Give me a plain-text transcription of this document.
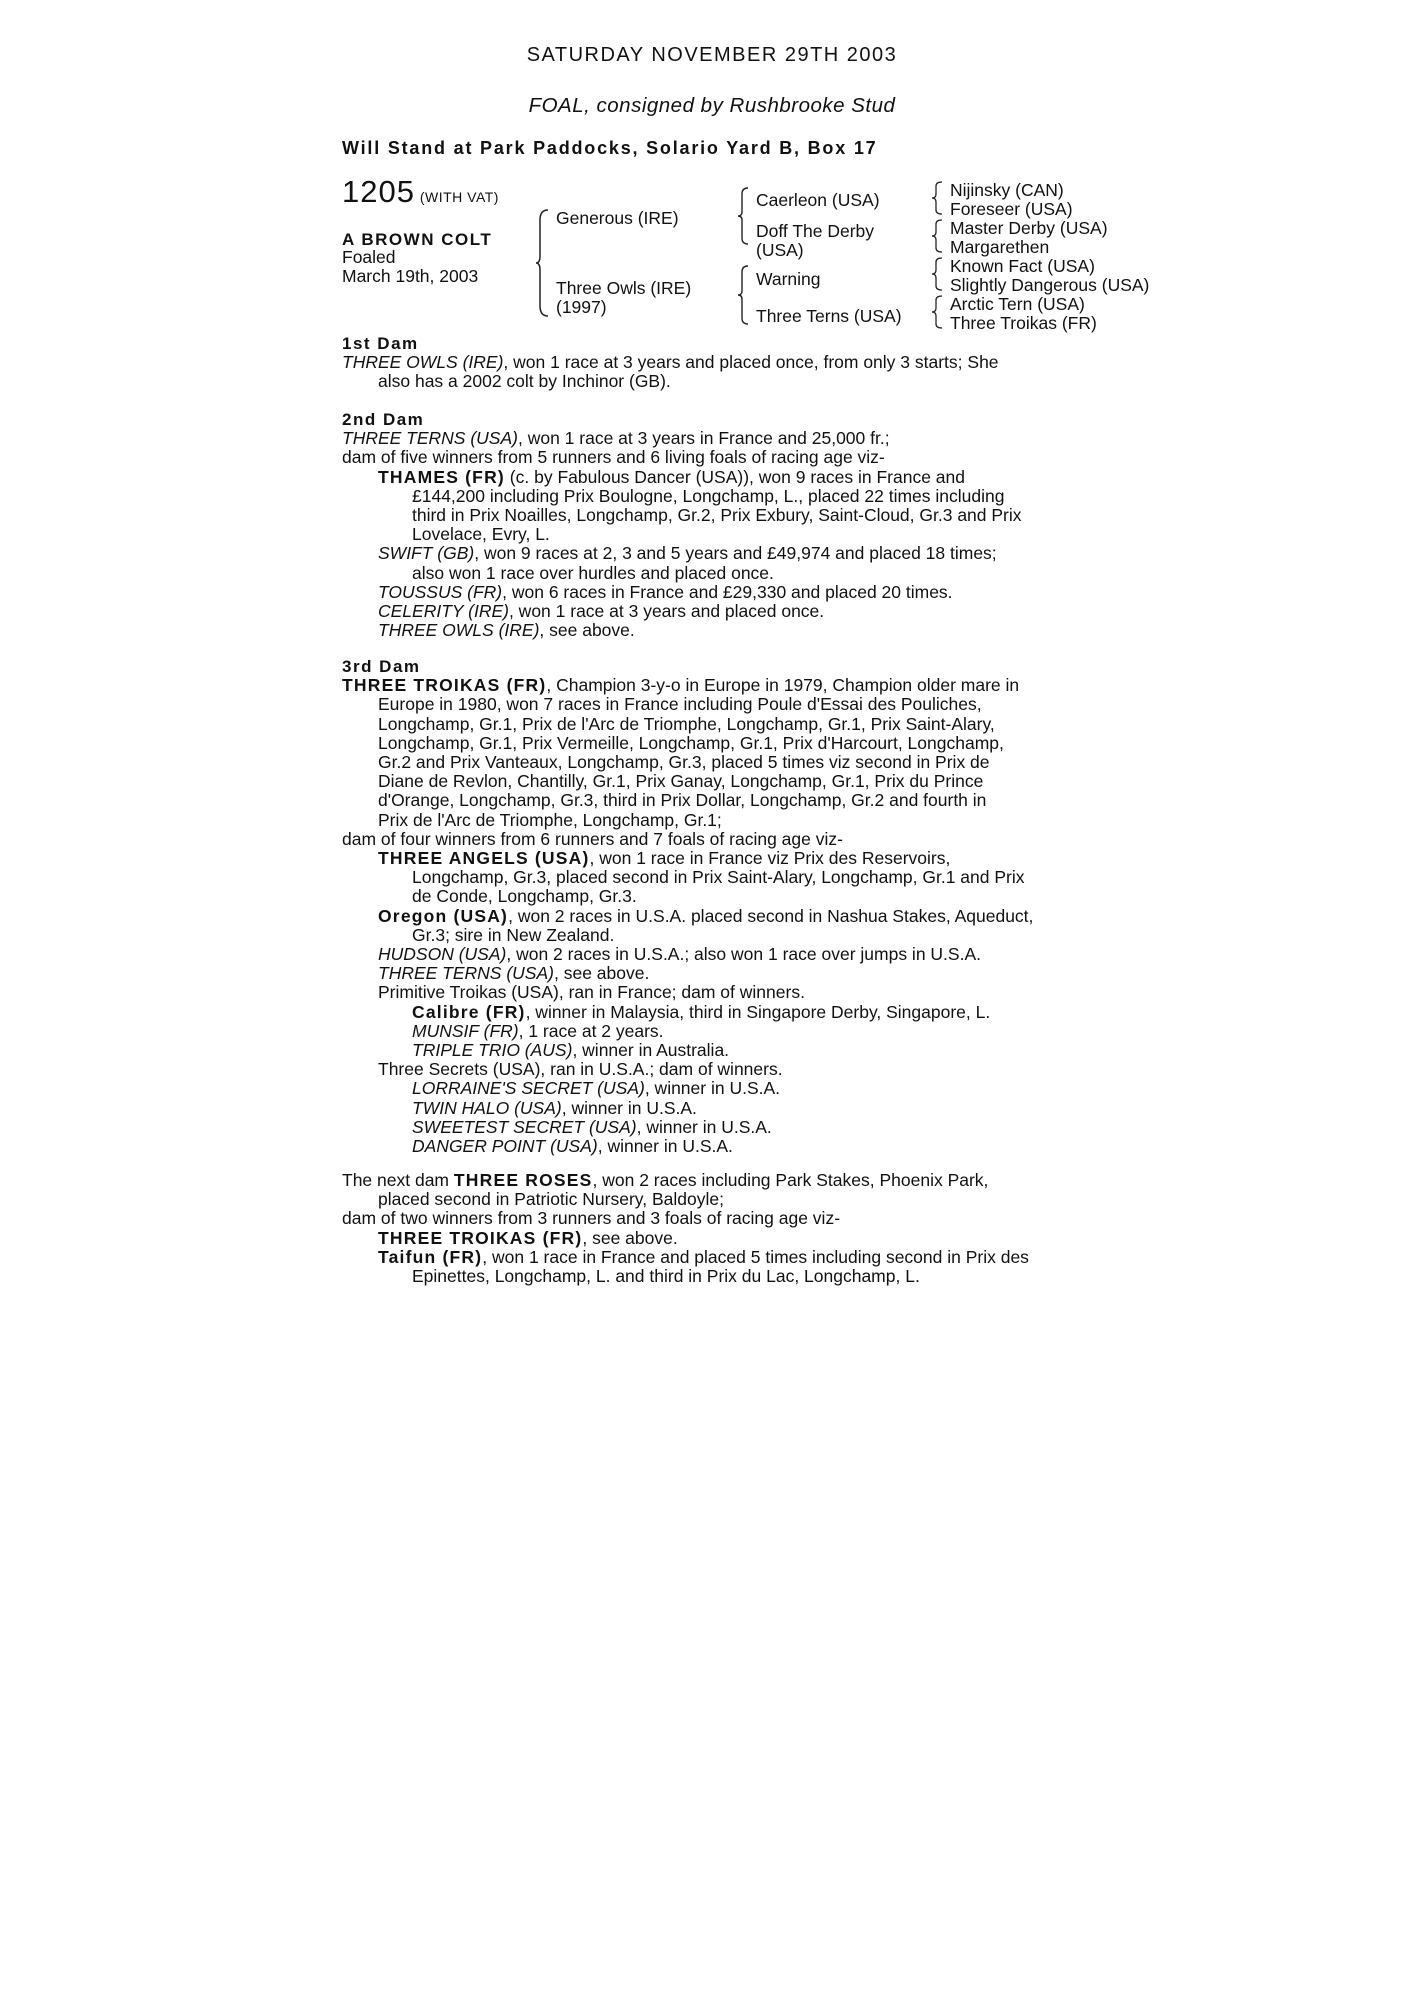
SATURDAY NOVEMBER 29TH 2003
FOAL, consigned by Rushbrooke Stud
Will Stand at Park Paddocks, Solario Yard B, Box 17
1205 (WITH VAT)
A BROWN COLT
Foaled
March 19th, 2003
Generous (IRE)
Three Owls (IRE)
(1997)
Caerleon (USA)
Doff The Derby
(USA)
Warning
Three Terns (USA)
Nijinsky (CAN)
Foreseer (USA)
Master Derby (USA)
Margarethen
Known Fact (USA)
Slightly Dangerous (USA)
Arctic Tern (USA)
Three Troikas (FR)
1st Dam
THREE OWLS (IRE), won 1 race at 3 years and placed once, from only 3 starts; She
also has a 2002 colt by Inchinor (GB).
2nd Dam
THREE TERNS (USA), won 1 race at 3 years in France and 25,000 fr.;
dam of five winners from 5 runners and 6 living foals of racing age viz-
THAMES (FR) (c. by Fabulous Dancer (USA)), won 9 races in France and
£144,200 including Prix Boulogne, Longchamp, L., placed 22 times including
third in Prix Noailles, Longchamp, Gr.2, Prix Exbury, Saint-Cloud, Gr.3 and Prix
Lovelace, Evry, L.
SWIFT (GB), won 9 races at 2, 3 and 5 years and £49,974 and placed 18 times;
also won 1 race over hurdles and placed once.
TOUSSUS (FR), won 6 races in France and £29,330 and placed 20 times.
CELERITY (IRE), won 1 race at 3 years and placed once.
THREE OWLS (IRE), see above.
3rd Dam
THREE TROIKAS (FR), Champion 3-y-o in Europe in 1979, Champion older mare in
Europe in 1980, won 7 races in France including Poule d'Essai des Pouliches,
Longchamp, Gr.1, Prix de l'Arc de Triomphe, Longchamp, Gr.1, Prix Saint-Alary,
Longchamp, Gr.1, Prix Vermeille, Longchamp, Gr.1, Prix d'Harcourt, Longchamp,
Gr.2 and Prix Vanteaux, Longchamp, Gr.3, placed 5 times viz second in Prix de
Diane de Revlon, Chantilly, Gr.1, Prix Ganay, Longchamp, Gr.1, Prix du Prince
d'Orange, Longchamp, Gr.3, third in Prix Dollar, Longchamp, Gr.2 and fourth in
Prix de l'Arc de Triomphe, Longchamp, Gr.1;
dam of four winners from 6 runners and 7 foals of racing age viz-
THREE ANGELS (USA), won 1 race in France viz Prix des Reservoirs,
Longchamp, Gr.3, placed second in Prix Saint-Alary, Longchamp, Gr.1 and Prix
de Conde, Longchamp, Gr.3.
Oregon (USA), won 2 races in U.S.A. placed second in Nashua Stakes, Aqueduct,
Gr.3; sire in New Zealand.
HUDSON (USA), won 2 races in U.S.A.; also won 1 race over jumps in U.S.A.
THREE TERNS (USA), see above.
Primitive Troikas (USA), ran in France; dam of winners.
Calibre (FR), winner in Malaysia, third in Singapore Derby, Singapore, L.
MUNSIF (FR), 1 race at 2 years.
TRIPLE TRIO (AUS), winner in Australia.
Three Secrets (USA), ran in U.S.A.; dam of winners.
LORRAINE'S SECRET (USA), winner in U.S.A.
TWIN HALO (USA), winner in U.S.A.
SWEETEST SECRET (USA), winner in U.S.A.
DANGER POINT (USA), winner in U.S.A.
The next dam THREE ROSES, won 2 races including Park Stakes, Phoenix Park,
placed second in Patriotic Nursery, Baldoyle;
dam of two winners from 3 runners and 3 foals of racing age viz-
THREE TROIKAS (FR), see above.
Taifun (FR), won 1 race in France and placed 5 times including second in Prix des
Epinettes, Longchamp, L. and third in Prix du Lac, Longchamp, L.
